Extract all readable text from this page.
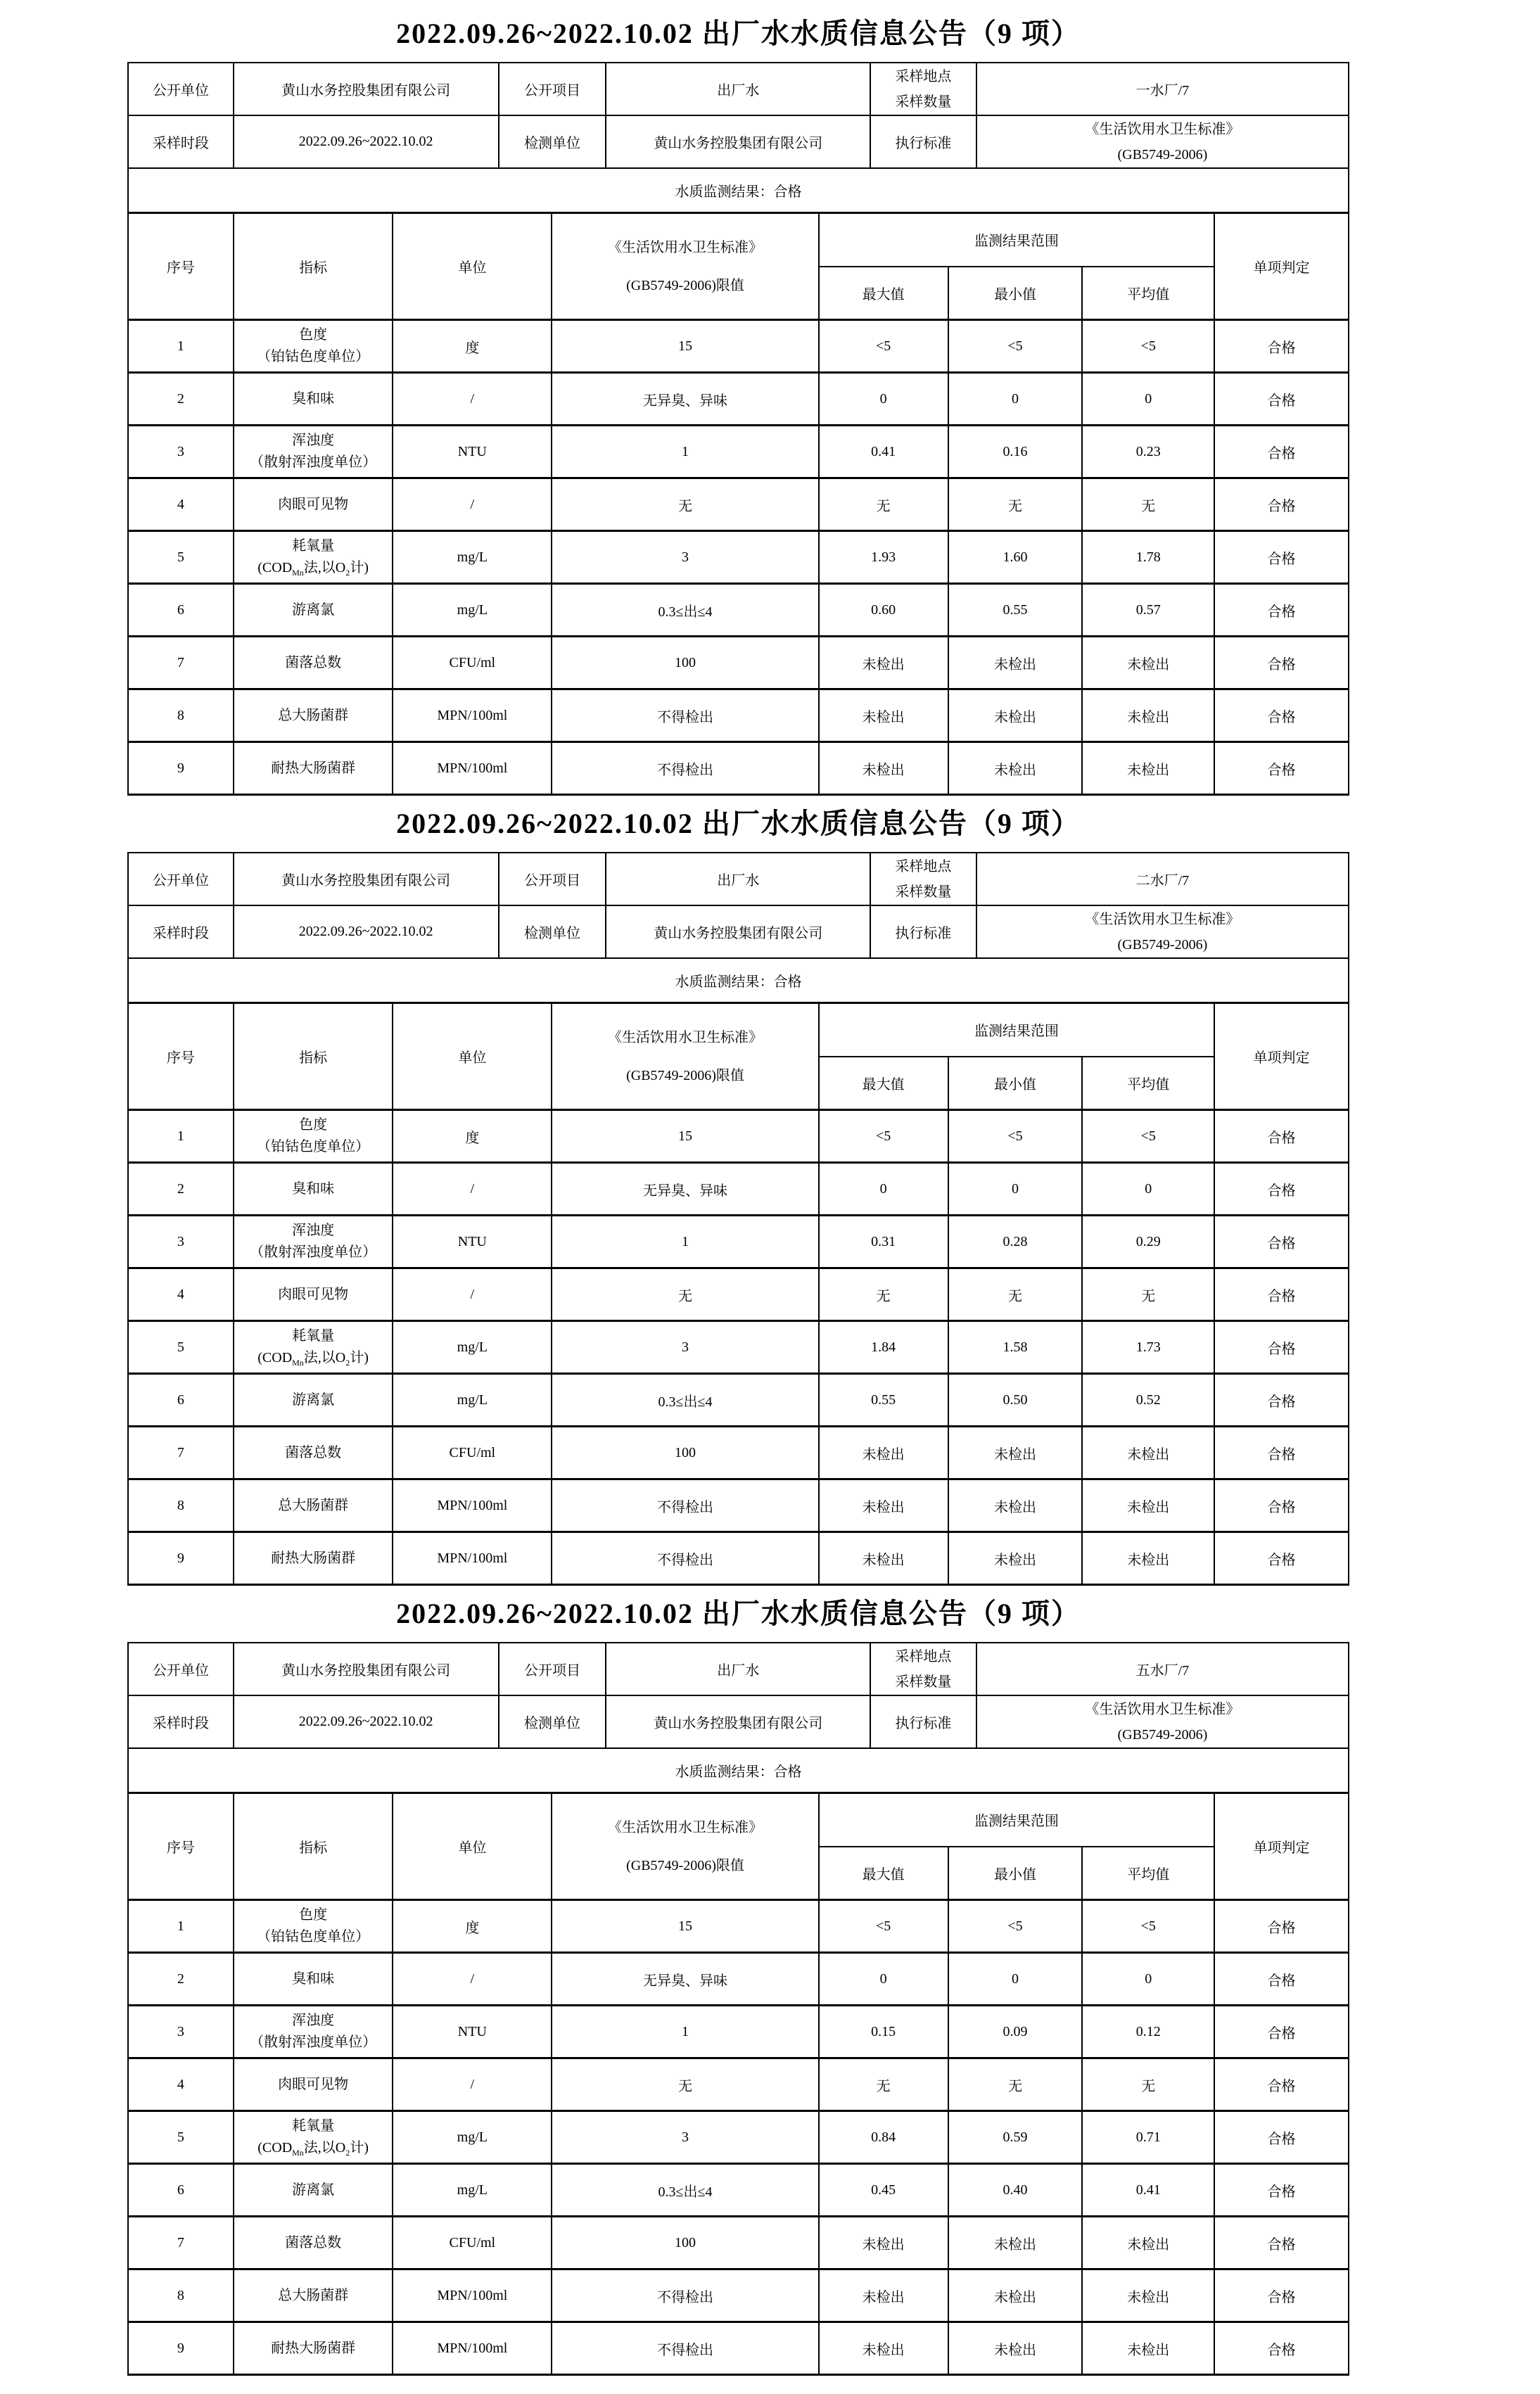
2022.09.26~2022.10.02 出厂水水质信息公告（9 项）
公开单位	黄山水务控股集团有限公司	公开项目	出厂水	采样地点
采样数量	一水厂/7
采样时段	2022.09.26~2022.10.02	检测单位	黄山水务控股集团有限公司	执行标准	《生活饮用水卫生标准》
(GB5749-2006)

水质监测结果：合格					
序号	指标	单位	《生活饮用水卫生标准》
(GB5749-2006)限值	监测结果范围			单项判定
				最大值	最小值	平均值	
1	色度
（铂钴色度单位）	度	15	<5	<5	<5	合格
2	臭和味	/	无异臭、异味	0	0	0	合格
3	浑浊度
（散射浑浊度单位）	NTU	1	0.41	0.16	0.23	合格
4	肉眼可见物	/	无	无	无	无	合格
5	耗氧量
($COD_{Mn}$法,以$O_2$计)	mg/L	3	1.93	1.60	1.78	合格
6	游离氯	mg/L	0.3≤出≤4	0.60	0.55	0.57	合格
7	菌落总数	CFU/ml	100	未检出	未检出	未检出	合格
8	总大肠菌群	MPN/100ml	不得检出	未检出	未检出	未检出	合格
9	耐热大肠菌群	MPN/100ml	不得检出	未检出	未检出	未检出	合格
2022.09.26~2022.10.02 出厂水水质信息公告（9 项）
公开单位	黄山水务控股集团有限公司	公开项目	出厂水	采样地点
采样数量	二水厂/7
采样时段	2022.09.26~2022.10.02	检测单位	黄山水务控股集团有限公司	执行标准	《生活饮用水卫生标准》
(GB5749-2006)

水质监测结果：合格					
序号	指标	单位	《生活饮用水卫生标准》
(GB5749-2006)限值	监测结果范围			单项判定
				最大值	最小值	平均值	
1	色度
（铂钴色度单位）	度	15	<5	<5	<5	合格
2	臭和味	/	无异臭、异味	0	0	0	合格
3	浑浊度
（散射浑浊度单位）	NTU	1	0.31	0.28	0.29	合格
4	肉眼可见物	/	无	无	无	无	合格
5	耗氧量
($COD_{Mn}$法,以$O_2$计)	mg/L	3	1.84	1.58	1.73	合格
6	游离氯	mg/L	0.3≤出≤4	0.55	0.50	0.52	合格
7	菌落总数	CFU/ml	100	未检出	未检出	未检出	合格
8	总大肠菌群	MPN/100ml	不得检出	未检出	未检出	未检出	合格
9	耐热大肠菌群	MPN/100ml	不得检出	未检出	未检出	未检出	合格
2022.09.26~2022.10.02 出厂水水质信息公告（9 项）
公开单位	黄山水务控股集团有限公司	公开项目	出厂水	采样地点
采样数量	五水厂/7
采样时段	2022.09.26~2022.10.02	检测单位	黄山水务控股集团有限公司	执行标准	《生活饮用水卫生标准》
(GB5749-2006)

水质监测结果：合格					
序号	指标	单位	《生活饮用水卫生标准》
(GB5749-2006)限值	监测结果范围			单项判定
				最大值	最小值	平均值	
1	色度
（铂钴色度单位）	度	15	<5	<5	<5	合格
2	臭和味	/	无异臭、异味	0	0	0	合格
3	浑浊度
（散射浑浊度单位）	NTU	1	0.15	0.09	0.12	合格
4	肉眼可见物	/	无	无	无	无	合格
5	耗氧量
($COD_{Mn}$法,以$O_2$计)	mg/L	3	0.84	0.59	0.71	合格
6	游离氯	mg/L	0.3≤出≤4	0.45	0.40	0.41	合格
7	菌落总数	CFU/ml	100	未检出	未检出	未检出	合格
8	总大肠菌群	MPN/100ml	不得检出	未检出	未检出	未检出	合格
9	耐热大肠菌群	MPN/100ml	不得检出	未检出	未检出	未检出	合格
